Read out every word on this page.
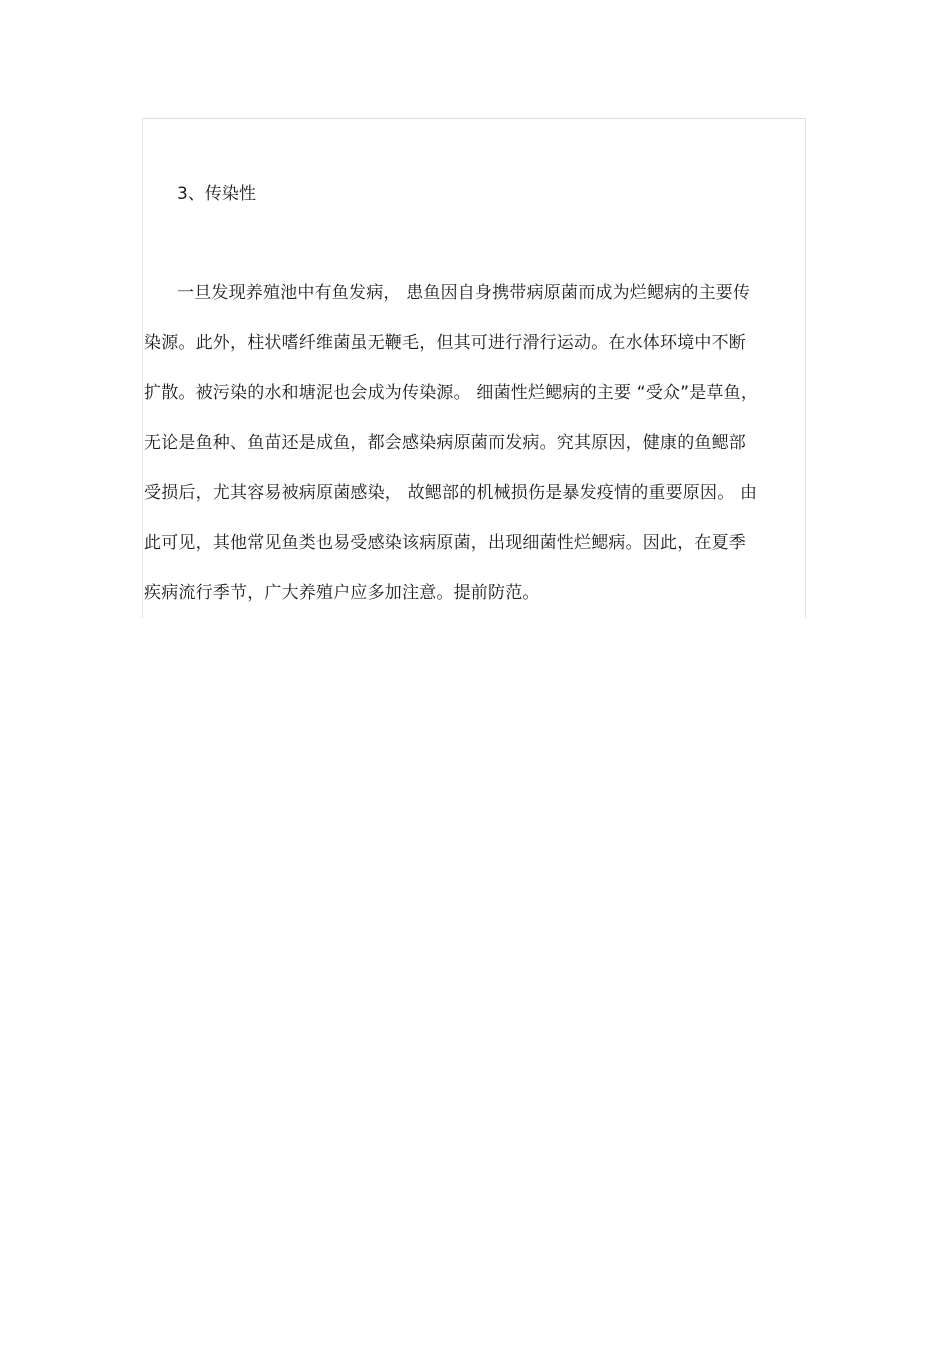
3、传染性
一旦发现养殖池中有鱼发病， 患鱼因自身携带病原菌而成为烂鳃病的主要传
染源。此外，柱状嗜纤维菌虽无鞭毛，但其可进行滑行运动。在水体环境中不断
扩散。被污染的水和塘泥也会成为传染源。 细菌性烂鳃病的主要 “受众”是草鱼，
无论是鱼种、鱼苗还是成鱼，都会感染病原菌而发病。究其原因，健康的鱼鳃部
受损后，尤其容易被病原菌感染， 故鳃部的机械损伤是暴发疫情的重要原因。 由
此可见，其他常见鱼类也易受感染该病原菌，出现细菌性烂鳃病。因此，在夏季
疾病流行季节，广大养殖户应多加注意。提前防范。
